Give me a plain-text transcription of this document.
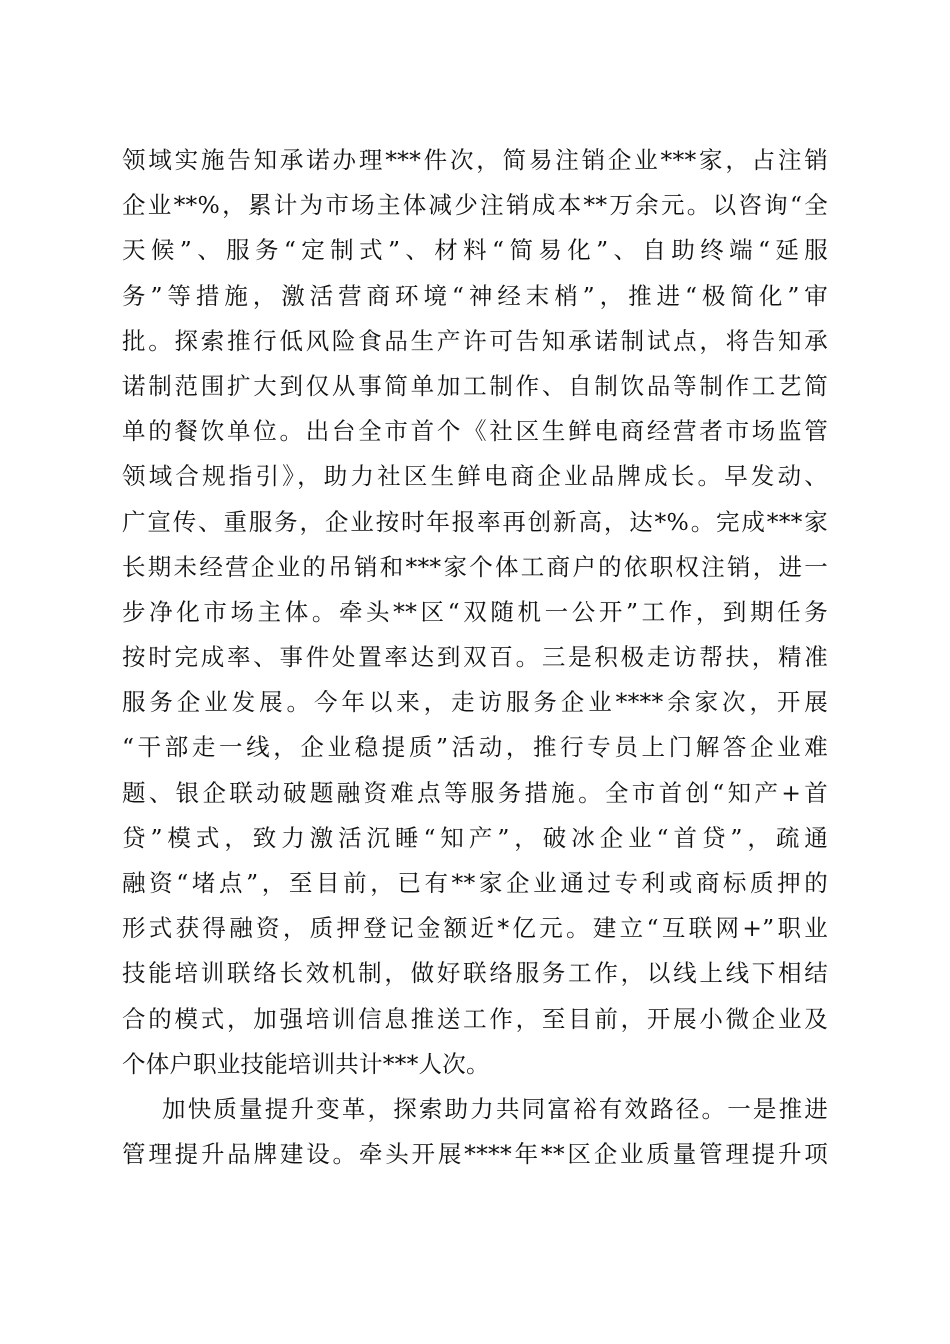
领域实施告知承诺办理***件次，简易注销企业***家，占注销
企业**%，累计为市场主体减少注销成本**万余元。以咨询“全
天候”、服务“定制式”、材料“简易化”、自助终端“延服
务”等措施，激活营商环境“神经末梢”，推进“极简化”审
批。探索推行低风险食品生产许可告知承诺制试点，将告知承
诺制范围扩大到仅从事简单加工制作、自制饮品等制作工艺简
单的餐饮单位。出台全市首个《社区生鲜电商经营者市场监管
领域合规指引》，助力社区生鲜电商企业品牌成长。早发动、
广宣传、重服务，企业按时年报率再创新高，达*%。完成***家
长期未经营企业的吊销和***家个体工商户的依职权注销，进一
步净化市场主体。牵头**区“双随机一公开”工作，到期任务
按时完成率、事件处置率达到双百。三是积极走访帮扶，精准
服务企业发展。今年以来，走访服务企业****余家次，开展
“干部走一线，企业稳提质”活动，推行专员上门解答企业难
题、银企联动破题融资难点等服务措施。全市首创“知产+首
贷”模式，致力激活沉睡“知产”，破冰企业“首贷”，疏通
融资“堵点”，至目前，已有**家企业通过专利或商标质押的
形式获得融资，质押登记金额近*亿元。建立“互联网+”职业
技能培训联络长效机制，做好联络服务工作，以线上线下相结
合的模式，加强培训信息推送工作，至目前，开展小微企业及
个体户职业技能培训共计***人次。
加快质量提升变革，探索助力共同富裕有效路径。一是推进
管理提升品牌建设。牵头开展****年**区企业质量管理提升项
